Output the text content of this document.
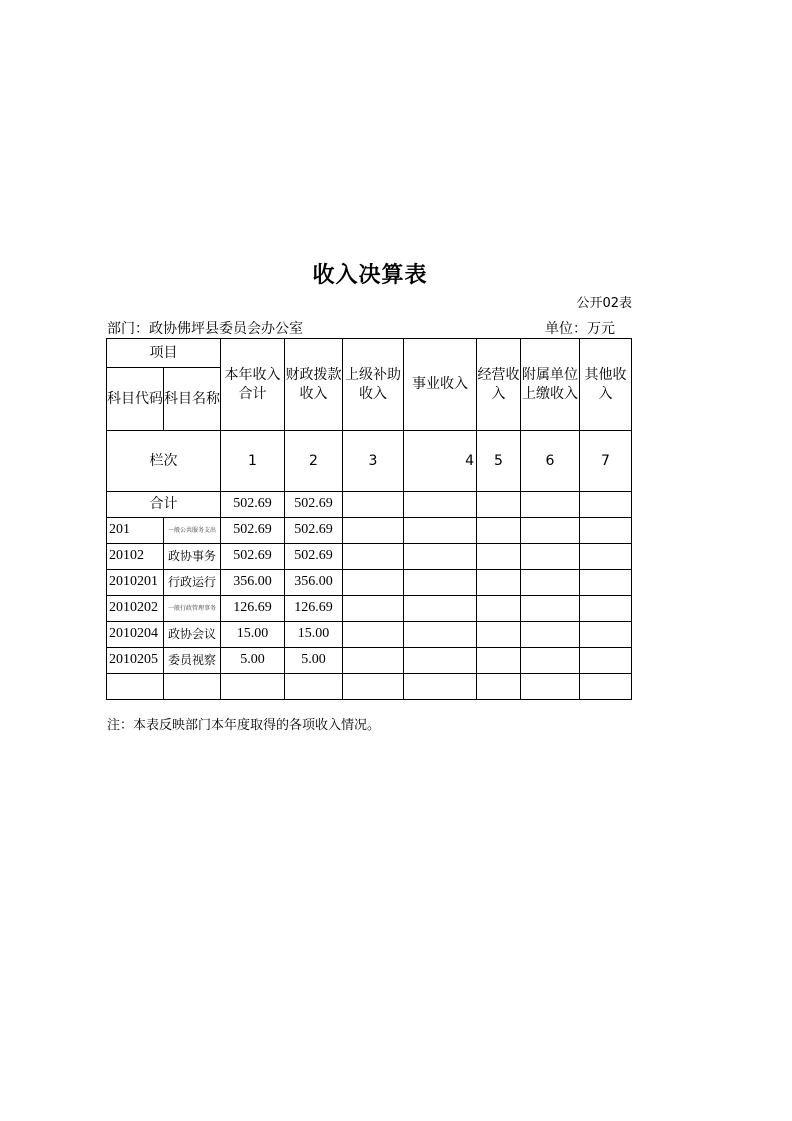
收入决算表
公开02表
部门：政协佛坪县委员会办公室	单位：万元
项目		本年收入合计	财政拨款收入	上级补助收入	事业收入	经营收入	附属单位上缴收入	其他收入
科目代码	科目名称							
栏次		1	2	3	4	5	6	7
合计		502.69	502.69					
201	一般公共服务支出	502.69	502.69					
20102	政协事务	502.69	502.69					
2010201	行政运行	356.00	356.00					
2010202	一般行政管理事务	126.69	126.69					
2010204	政协会议	15.00	15.00					
2010205	委员视察	5.00	5.00					

注：本表反映部门本年度取得的各项收入情况。
